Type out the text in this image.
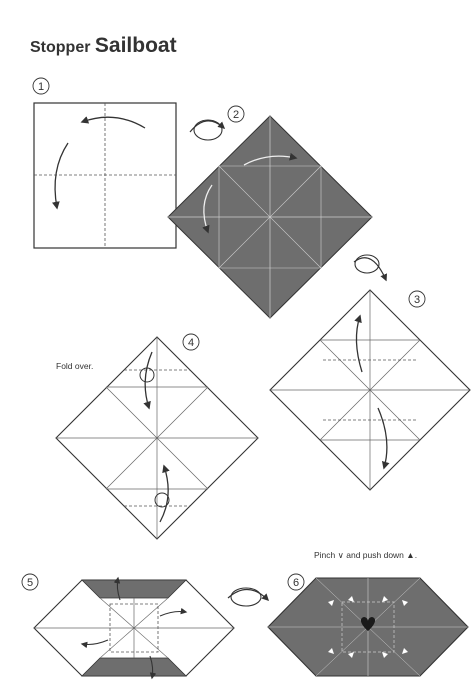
Stopper Sailboat
Fold over.
Pinch ∨ and push down ▲.
1
2
3
4
5	6
